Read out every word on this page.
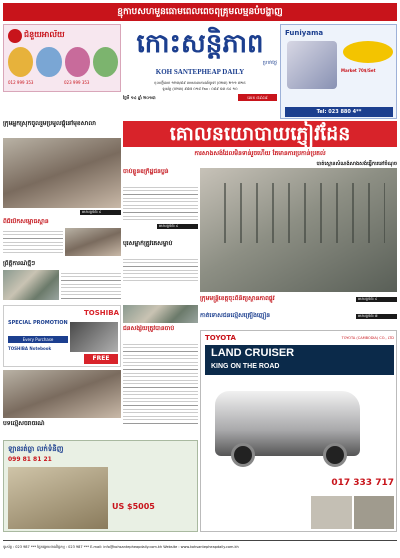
ខ្មុកាបសហមួនធោមពេលពេចពុគ្រុមលម្មនបំបង្ហាញ
ជំនួយអាល័យ
012 999 353	023 999 353
កោះសន្តិភាព
ប្រចាំថ្ងៃ
KOH SANTEPHEAP DAILY
ចុះបញ្ជីលេខ ១២៣/៩៩ តាមគោលការណ៍ទូទៅ (០២៣) ២១១ ៧១៥
ទូរស័ព្ទ (០២៣) ៩៨៧ ០១៨ Fax : ០៩៩ ៥៣ ៥៤ ១០
ថ្ងៃទី ១៤ ឆ្នាំ ២០១៣	លេខ ៥៩៤៨
Funiyama
Market 70$/Set
Tel: 023 880 4**
ក្រុមអ្នកស្រុកចូលរួមប្រមូលផ្តុំនៅមុខសាលា
អានបន្តទំព័រ ៤
គោលនយោបាយភ្ញៀវដែន
ការសាងសង់ដែលមិនទាន់រួចហើយ តែមានការប្រកាន់ប្រគល់
បាត់ស្តោនសំណង់សាងសង់ធ្វើការនៅចំណុច
ចាប់ខ្លួនឧក្រិដ្ឋជនប្លន់
អានបន្តទំព័រ ៤
បុរសម្នាក់ត្រូវគេសម្លាប់
ពិធីបើកសម្ពោធស្ពាន
ព្រឹត្តិការណ៍ថ្មីៗ
ក្រុមមន្ត្រីខេត្តចុះពិនិត្យស្ថានភាពផ្លូវ	អានបន្តទំព័រ ៤
កាត់ទោសជនល្មើសគ្រឿងញៀន	អានបន្តទំព័រ ៧
TOSHIBA
SPECIAL PROMOTION
Every Purchase
TOSHIBA Notebook
FREE
បទល្មើសចរាចរណ៍
ជនសង្ស័យត្រូវបានចាប់
TOYOTA	TOYOTA (CAMBODIA) CO., LTD
LAND CRUISER
KING ON THE ROAD
017 333 717
ឡានរត់ធ្លា លក់ទំនិញ
099 81 81 21
US $5005
ទូរស័ព្ទ : 023 987 *** ផ្នែកផ្សាយពាណិជ្ជកម្ម : 023 987 *** E-mail: info@kohsantepheapdaily.com.kh Website : www.kohsantepheapdaily.com.kh
